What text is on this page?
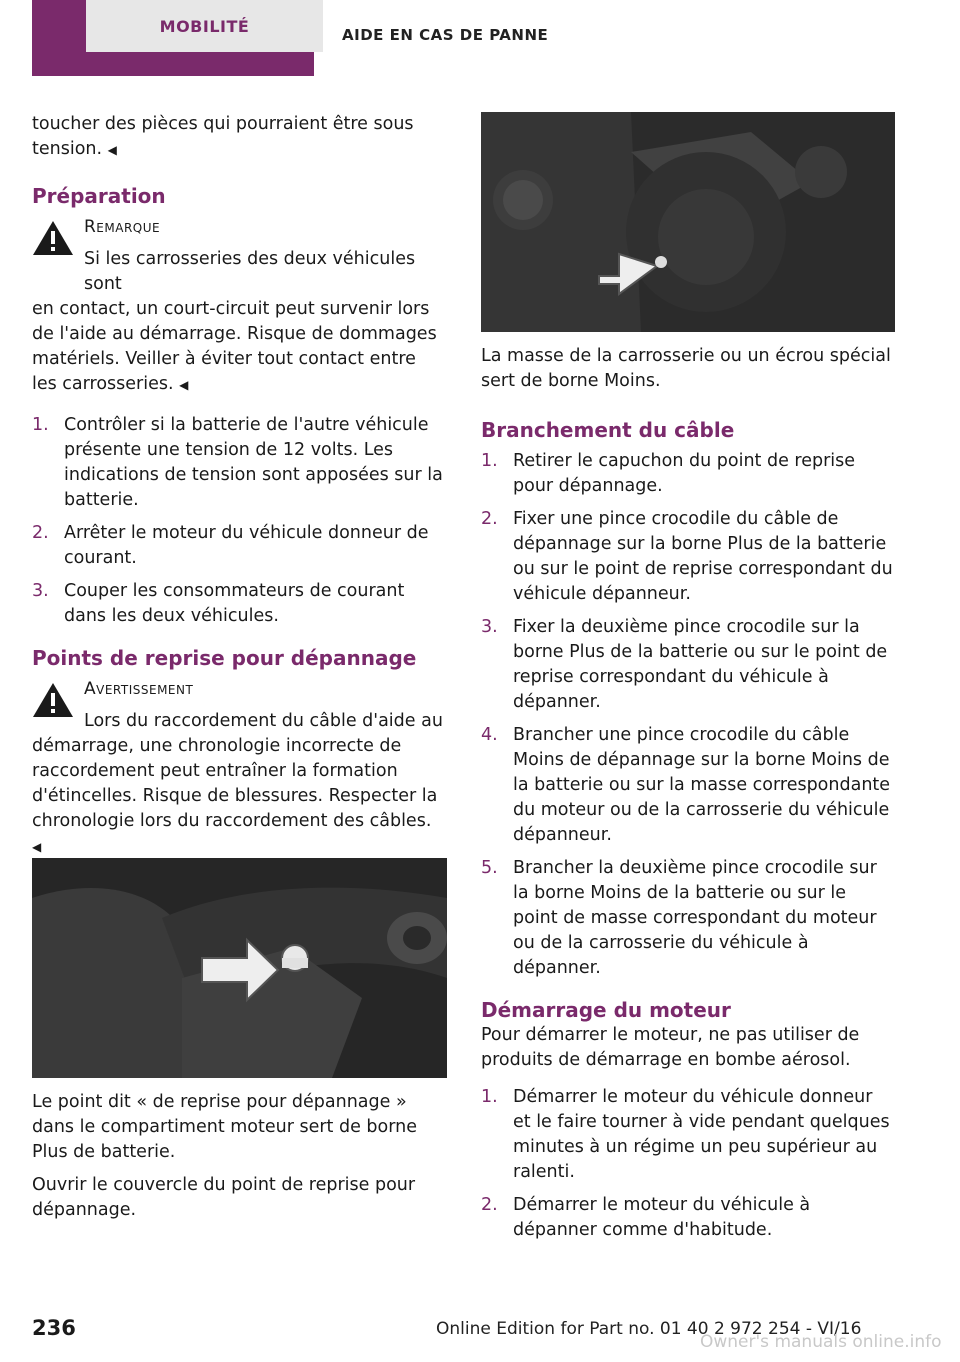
MOBILITÉ	AIDE EN CAS DE PANNE

toucher des pièces qui pourraient être sous tension. ◀

Préparation
Remarque
Si les carrosseries des deux véhicules sont

en contact, un court-circuit peut survenir lors de l'aide au démarrage. Risque de dommages matériels. Veiller à éviter tout contact entre les carrosseries. ◀

1. Contrôler si la batterie de l'autre véhicule présente une tension de 12 volts. Les indications de tension sont apposées sur la batterie.
2. Arrêter le moteur du véhicule donneur de courant.
3. Couper les consommateurs de courant dans les deux véhicules.
Points de reprise pour dépannage
Avertissement
Lors du raccordement du câble d'aide au

démarrage, une chronologie incorrecte de raccordement peut entraîner la formation d'étincelles. Risque de blessures. Respecter la chronologie lors du raccordement des câbles. ◀

Le point dit « de reprise pour dépannage » dans le compartiment moteur sert de borne Plus de batterie.

Ouvrir le couvercle du point de reprise pour dépannage.

La masse de la carrosserie ou un écrou spécial sert de borne Moins.

Branchement du câble
1. Retirer le capuchon du point de reprise pour dépannage.
2. Fixer une pince crocodile du câble de dépannage sur la borne Plus de la batterie ou sur le point de reprise correspondant du véhicule dépanneur.
3. Fixer la deuxième pince crocodile sur la borne Plus de la batterie ou sur le point de reprise correspondant du véhicule à dépanner.
4. Brancher une pince crocodile du câble Moins de dépannage sur la borne Moins de la batterie ou sur la masse correspondante du moteur ou de la carrosserie du véhicule dépanneur.
5. Brancher la deuxième pince crocodile sur la borne Moins de la batterie ou sur le point de masse correspondant du moteur ou de la carrosserie du véhicule à dépanner.
Démarrage du moteur

Pour démarrer le moteur, ne pas utiliser de produits de démarrage en bombe aérosol.

1. Démarrer le moteur du véhicule donneur et le faire tourner à vide pendant quelques minutes à un régime un peu supérieur au ralenti.
2. Démarrer le moteur du véhicule à dépanner comme d'habitude.
236	Online Edition for Part no. 01 40 2 972 254 - VI/16
Owner's manuals online.info
